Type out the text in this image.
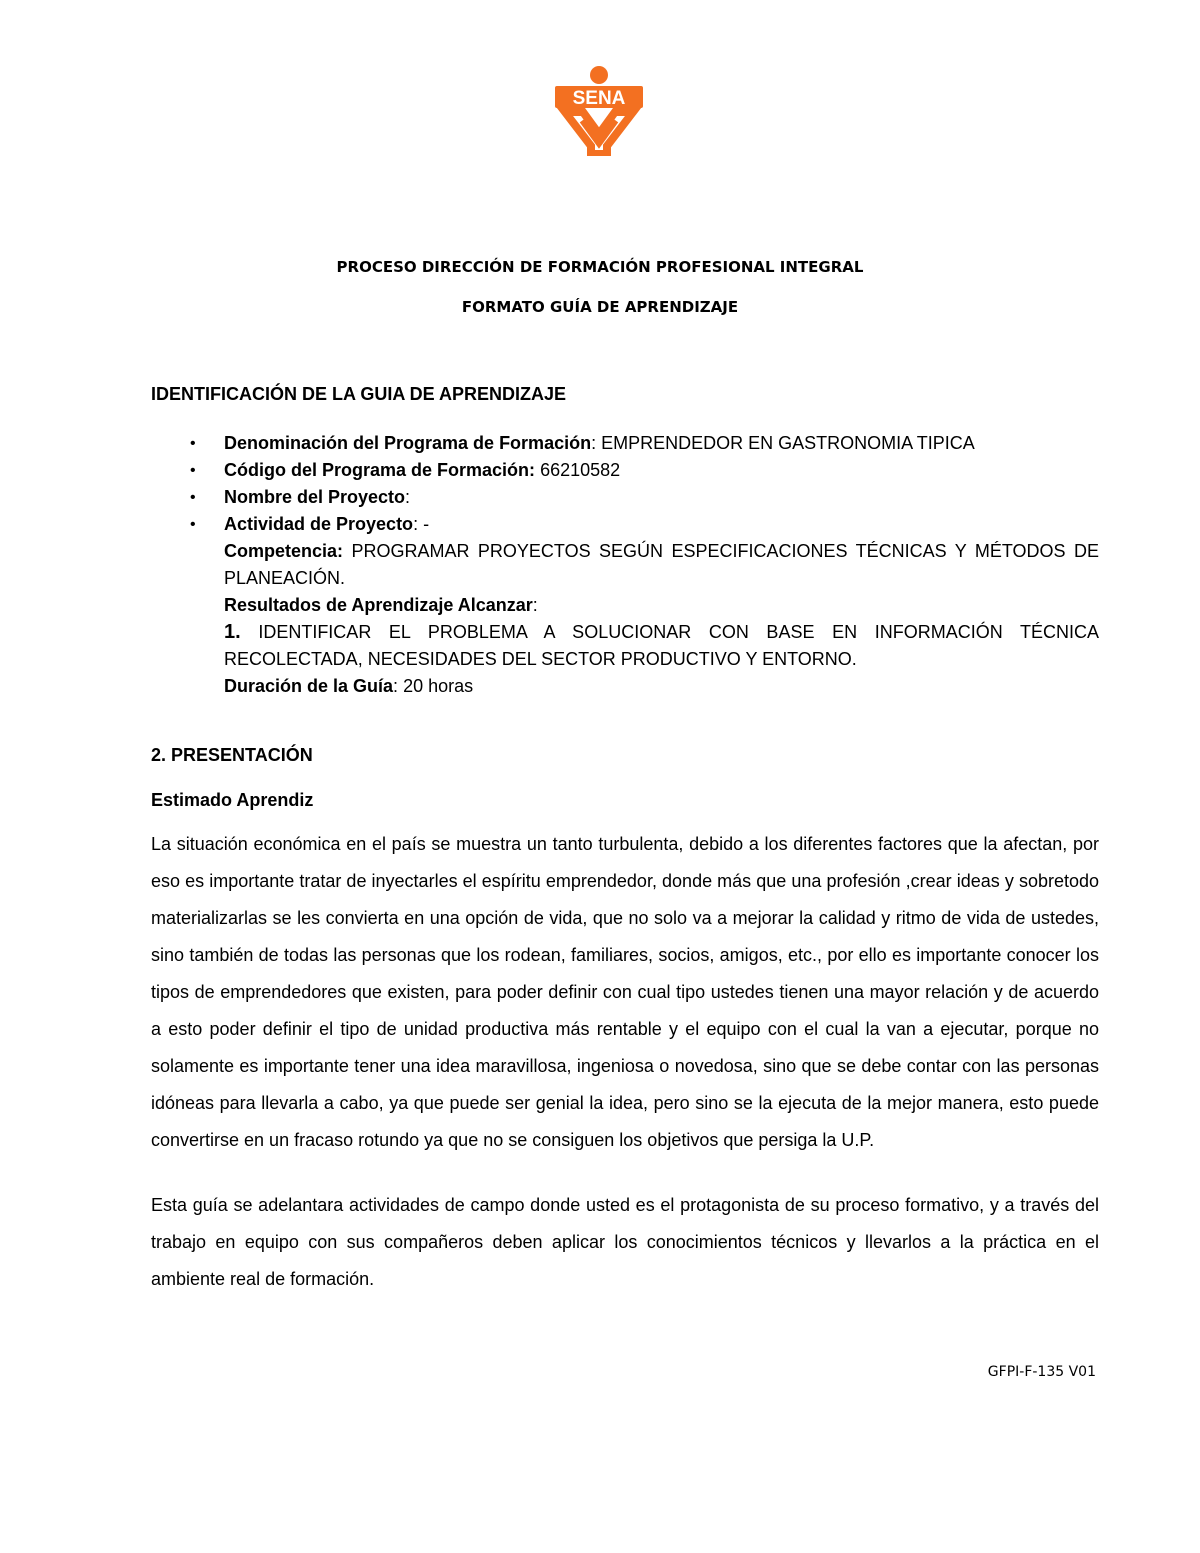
SENA
PROCESO DIRECCIÓN DE FORMACIÓN PROFESIONAL INTEGRAL
FORMATO GUÍA DE APRENDIZAJE
IDENTIFICACIÓN DE LA GUIA DE APRENDIZAJE
• Denominación del Programa de Formación: EMPRENDEDOR EN GASTRONOMIA TIPICA
• Código del Programa de Formación: 66210582
• Nombre del Proyecto:
• Actividad de Proyecto: -
Competencia: PROGRAMAR PROYECTOS SEGÚN ESPECIFICACIONES TÉCNICAS Y MÉTODOS DE PLANEACIÓN.
Resultados de Aprendizaje Alcanzar:
1. IDENTIFICAR EL PROBLEMA A SOLUCIONAR CON BASE EN INFORMACIÓN TÉCNICA RECOLECTADA, NECESIDADES DEL SECTOR PRODUCTIVO Y ENTORNO.
Duración de la Guía: 20 horas
2. PRESENTACIÓN
Estimado Aprendiz
La situación económica en el país se muestra un tanto turbulenta, debido a los diferentes factores que la afectan, por eso es importante tratar de inyectarles el espíritu emprendedor, donde más que una profesión ,crear ideas y sobretodo materializarlas se les convierta en una opción de vida, que no solo va a mejorar la calidad y ritmo de vida de ustedes, sino también de todas las personas que los rodean, familiares, socios, amigos, etc., por ello es importante conocer los tipos de emprendedores que existen, para poder definir con cual tipo ustedes tienen una mayor relación y de acuerdo a esto poder definir el tipo de unidad productiva más rentable y el equipo con el cual la van a ejecutar, porque no solamente es importante tener una idea maravillosa, ingeniosa o novedosa, sino que se debe contar con las personas idóneas para llevarla a cabo, ya que puede ser genial la idea, pero sino se la ejecuta de la mejor manera, esto puede convertirse en un fracaso rotundo ya que no se consiguen los objetivos que persiga la U.P.
Esta guía se adelantara actividades de campo donde usted es el protagonista de su proceso formativo, y a través del trabajo en equipo con sus compañeros deben aplicar los conocimientos técnicos y llevarlos a la práctica en el ambiente real de formación.
GFPI-F-135 V01
